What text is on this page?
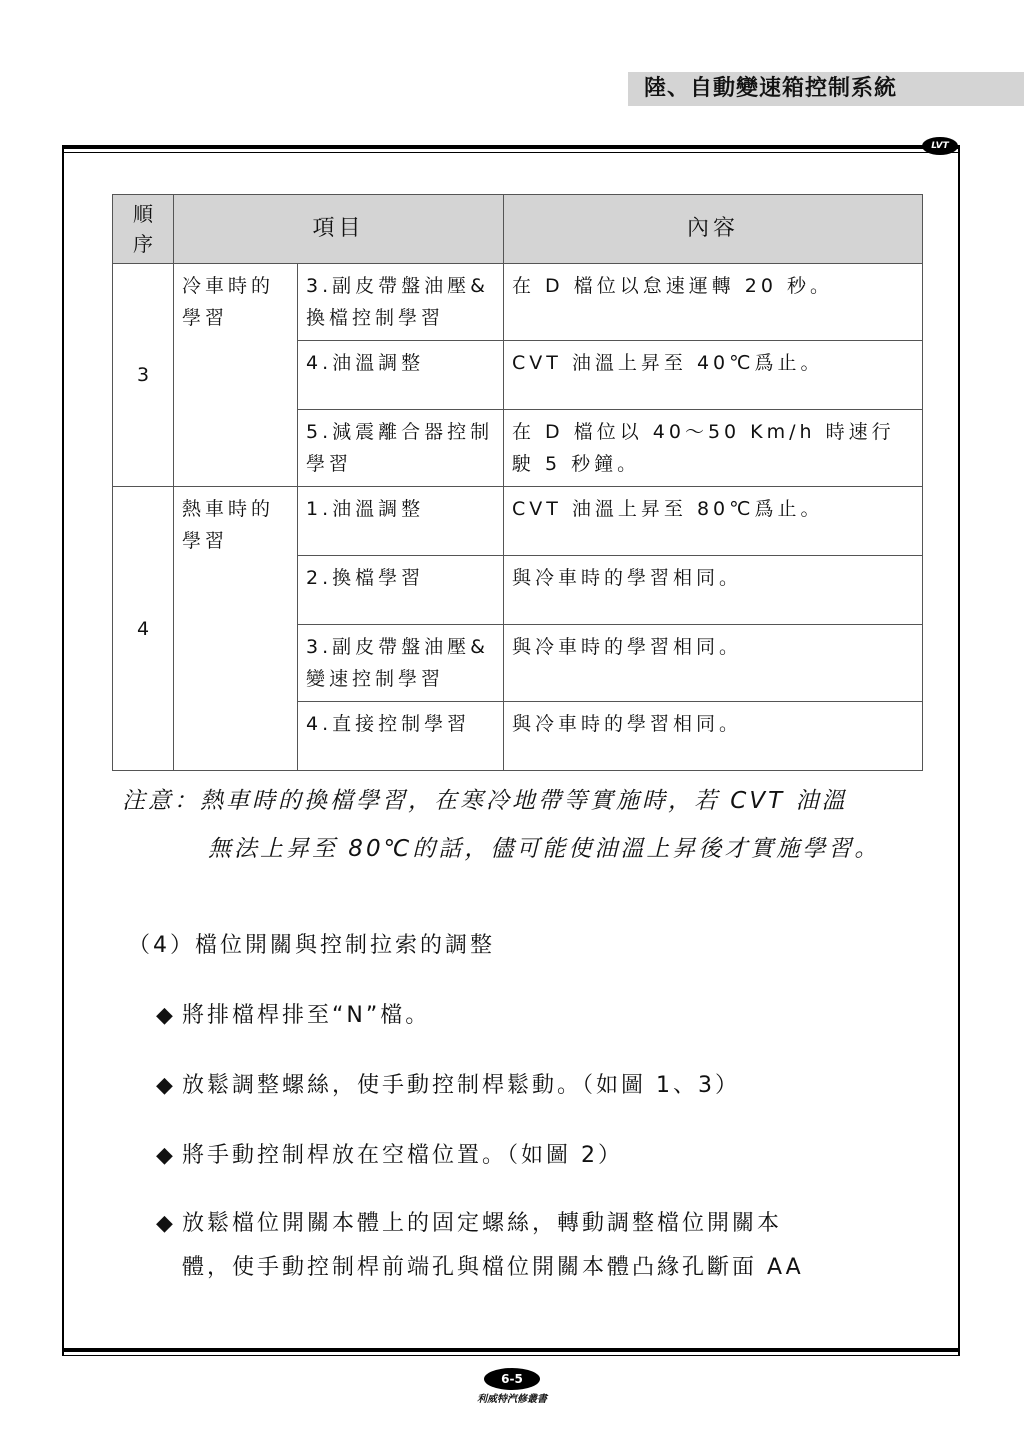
陸、自動變速箱控制系統
LVT
順
序	項目		內容
3	冷車時的學習	3.副皮帶盤油壓&換檔控制學習	在 D 檔位以怠速運轉 20 秒。
		4.油溫調整	CVT 油溫上昇至 40℃爲止。
		5.減震離合器控制學習	在 D 檔位以 40～50 Km/h 時速行駛 5 秒鐘。
4	熱車時的學習	1.油溫調整	CVT 油溫上昇至 80℃爲止。
		2.換檔學習	與冷車時的學習相同。
		3.副皮帶盤油壓&變速控制學習	與冷車時的學習相同。
		4.直接控制學習	與冷車時的學習相同。
注意：熱車時的換檔學習，在寒冷地帶等實施時，若 CVT 油溫
無法上昇至 80℃的話，儘可能使油溫上昇後才實施學習。
（4）檔位開關與控制拉索的調整
◆ 將排檔桿排至“N”檔。
◆ 放鬆調整螺絲，使手動控制桿鬆動。（如圖 1、3）
◆ 將手動控制桿放在空檔位置。（如圖 2）
◆ 放鬆檔位開關本體上的固定螺絲，轉動調整檔位開關本
體，使手動控制桿前端孔與檔位開關本體凸緣孔斷面 AA
6-5
利威特汽修叢書
